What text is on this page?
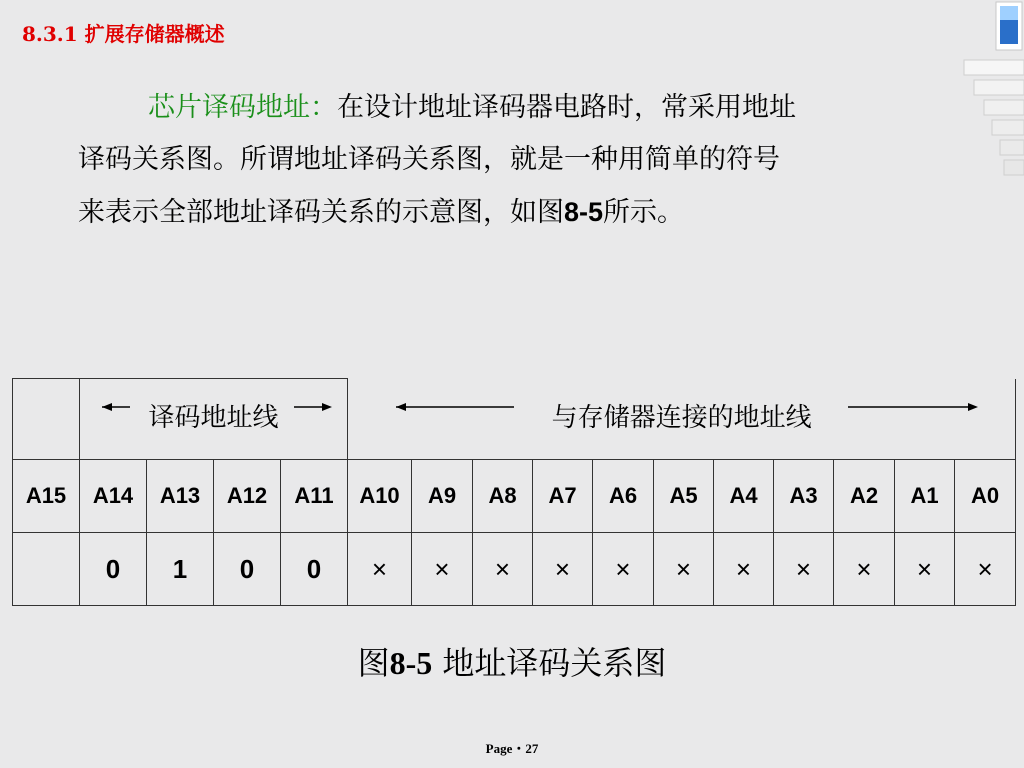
8.3.1 扩展存储器概述
芯片译码地址：在设计地址译码器电路时，常采用地址
译码关系图。所谓地址译码关系图，就是一种用简单的符号
来表示全部地址译码关系的示意图，如图8-5所示。

	译码地址线				与存储器连接的地址线										

A15	A14	A13	A12	A11	A10	A9	A8	A7	A6	A5	A4	A3	A2	A1	A0
	0	1	0	0	×	×	×	×	×	×	×	×	×	×	×
图8-5 地址译码关系图
Page・27
